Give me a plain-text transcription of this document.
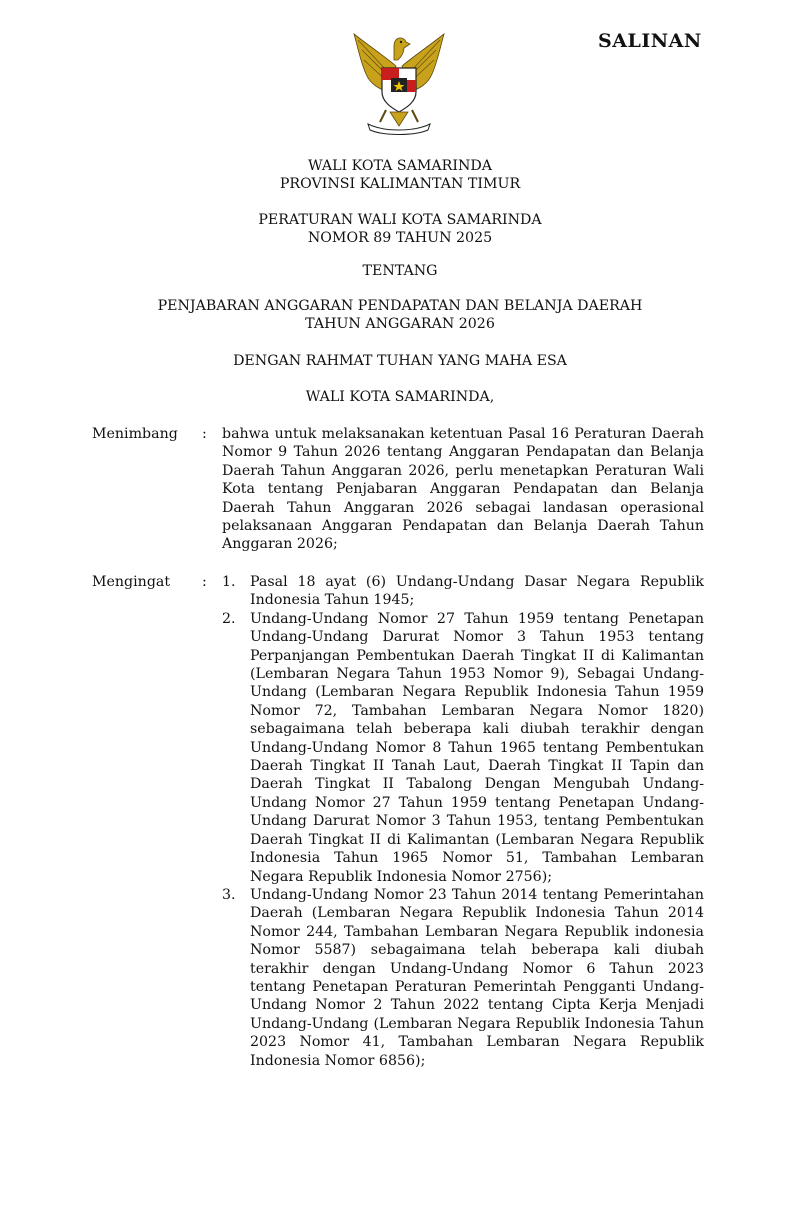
SALINAN
WALI KOTA SAMARINDA
PROVINSI KALIMANTAN TIMUR
PERATURAN WALI KOTA SAMARINDA
NOMOR 89 TAHUN 2025
TENTANG
PENJABARAN ANGGARAN PENDAPATAN DAN BELANJA DAERAH
TAHUN ANGGARAN 2026
DENGAN RAHMAT TUHAN YANG MAHA ESA
WALI KOTA SAMARINDA,
Menimbang	: bahwa untuk melaksanakan ketentuan Pasal 16 Peraturan Daerah Nomor 9 Tahun 2026 tentang Anggaran Pendapatan dan Belanja Daerah Tahun Anggaran 2026, perlu menetapkan Peraturan Wali Kota tentang Penjabaran Anggaran Pendapatan dan Belanja Daerah Tahun Anggaran 2026 sebagai landasan operasional pelaksanaan Anggaran Pendapatan dan Belanja Daerah Tahun Anggaran 2026;
Mengingat	: 1.	Pasal 18 ayat (6) Undang-Undang Dasar Negara Republik Indonesia Tahun 1945;
2.	Undang-Undang Nomor 27 Tahun 1959 tentang Penetapan Undang-Undang Darurat Nomor 3 Tahun 1953 tentang Perpanjangan Pembentukan Daerah Tingkat II di Kalimantan (Lembaran Negara Tahun 1953 Nomor 9), Sebagai Undang-Undang (Lembaran Negara Republik Indonesia Tahun 1959 Nomor 72, Tambahan Lembaran Negara Nomor 1820) sebagaimana telah beberapa kali diubah terakhir dengan Undang-Undang Nomor 8 Tahun 1965 tentang Pembentukan Daerah Tingkat II Tanah Laut, Daerah Tingkat II Tapin dan Daerah Tingkat II Tabalong Dengan Mengubah Undang-Undang Nomor 27 Tahun 1959 tentang Penetapan Undang-Undang Darurat Nomor 3 Tahun 1953, tentang Pembentukan Daerah Tingkat II di Kalimantan (Lembaran Negara Republik Indonesia Tahun 1965 Nomor 51, Tambahan Lembaran Negara Republik Indonesia Nomor 2756);
3.	Undang-Undang Nomor 23 Tahun 2014 tentang Pemerintahan Daerah (Lembaran Negara Republik Indonesia Tahun 2014 Nomor 244, Tambahan Lembaran Negara Republik indonesia Nomor 5587) sebagaimana telah beberapa kali diubah terakhir dengan Undang-Undang Nomor 6 Tahun 2023 tentang Penetapan Peraturan Pemerintah Pengganti Undang-Undang Nomor 2 Tahun 2022 tentang Cipta Kerja Menjadi Undang-Undang (Lembaran Negara Republik Indonesia Tahun 2023 Nomor 41, Tambahan Lembaran Negara Republik Indonesia Nomor 6856);
